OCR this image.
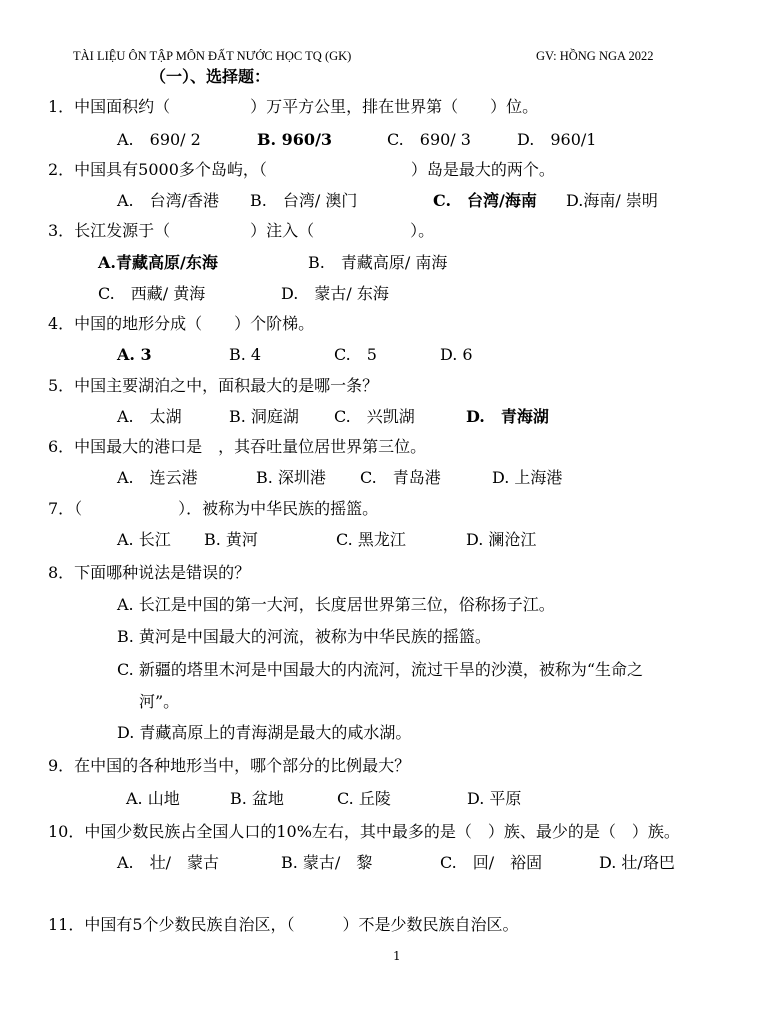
TÀI LIỆU ÔN TẬP MÔN ĐẤT NƯỚC HỌC TQ (GK)	GV: HỒNG NGA 2022
（一）、选择题：
1．中国面积约（　　　　　）万平方公里，排在世界第（　　）位。
A.　690/ 2	B. 960/3	C.　690/ 3	D.　960/1
2．中国具有5000多个岛屿，（　　　　　　　　　）岛是最大的两个。
A.　台湾/香港 B.　台湾/ 澳门	C.　台湾/海南 D.海南/ 崇明
3．长江发源于（　　　　　）注入（　　　　　　）。
A.青藏高原/东海	B.　青藏高原/ 南海
C.　西藏/ 黄海	D.　蒙古/ 东海
4．中国的地形分成（　　）个阶梯。
A. 3	B. 4	C.　5	D. 6
5．中国主要湖泊之中，面积最大的是哪一条？
A.　太湖	B. 洞庭湖 C.　兴凯湖	D.　青海湖
6．中国最大的港口是　，其吞吐量位居世界第三位。
A.　连云港	B. 深圳港 C.　青岛港	D. 上海港
7．（　　　　　　）．被称为中华民族的摇篮。
A. 长江 B. 黄河	C. 黑龙江	D. 澜沧江
8．下面哪种说法是错误的？
A. 长江是中国的第一大河，长度居世界第三位，俗称扬子江。
B. 黄河是中国最大的河流，被称为中华民族的摇篮。
C. 新疆的塔里木河是中国最大的内流河，流过干旱的沙漠，被称为“生命之
河”。
D. 青藏高原上的青海湖是最大的咸水湖。
9．在中国的各种地形当中，哪个部分的比例最大？
A. 山地	B. 盆地	C. 丘陵	D. 平原
10．中国少数民族占全国人口的10%左右，其中最多的是（　）族、最少的是（　）族。
A.　壮/　蒙古	B. 蒙古/　黎	C.　回/　裕固	D. 壮/珞巴
11．中国有5个少数民族自治区，（　　　）不是少数民族自治区。
1
